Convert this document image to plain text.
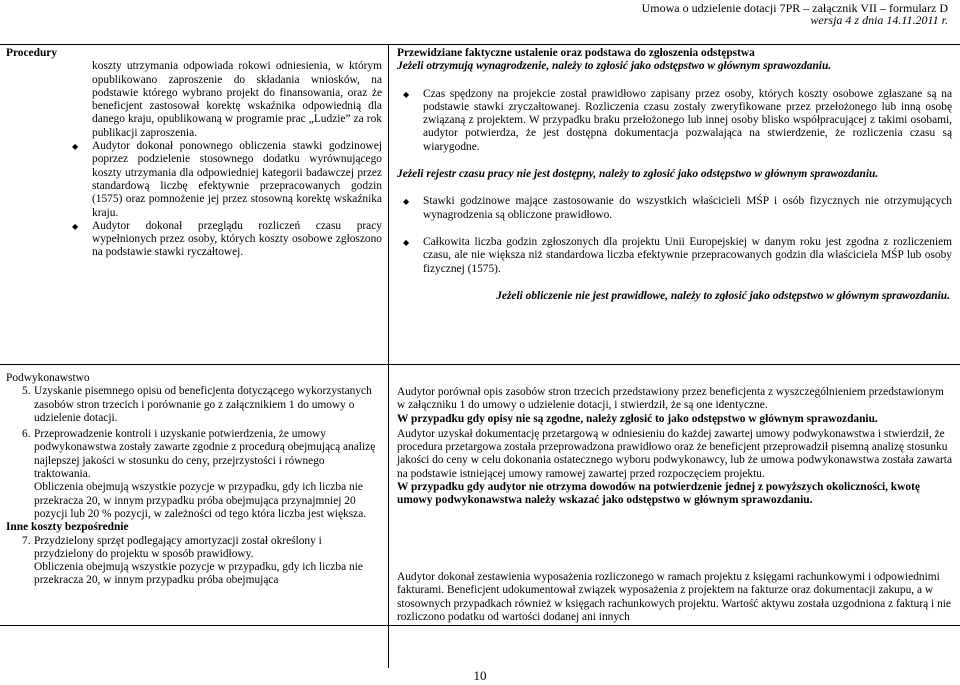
Umowa o udzielenie dotacji 7PR – załącznik VII – formularz D
wersja 4 z dnia 14.11.2011 r.
Procedury

koszty utrzymania odpowiada rokowi odniesienia, w którym opublikowano zaproszenie do składania wniosków, na podstawie którego wybrano projekt do finansowania, oraz że beneficjent zastosował korektę wskaźnika odpowiednią dla danego kraju, opublikowaną w programie prac „Ludzie” za rok publikacji zaproszenia.

◆ Audytor dokonał ponownego obliczenia stawki godzinowej poprzez podzielenie stosownego dodatku wyrównującego koszty utrzymania dla odpowiedniej kategorii badawczej przez standardową liczbę efektywnie przepracowanych godzin (1575) oraz pomnożenie jej przez stosowną korektę wskaźnika kraju.
◆ Audytor dokonał przeglądu rozliczeń czasu pracy wypełnionych przez osoby, których koszty osobowe zgłoszono na podstawie stawki ryczałtowej.
Przewidziane faktyczne ustalenie oraz podstawa do zgłoszenia odstępstwa
Jeżeli otrzymują wynagrodzenie, należy to zgłosić jako odstępstwo w głównym sprawozdaniu.
◆ Czas spędzony na projekcie został prawidłowo zapisany przez osoby, których koszty osobowe zgłaszane są na podstawie stawki zryczałtowanej. Rozliczenia czasu zostały zweryfikowane przez przełożonego lub inną osobę związaną z projektem. W przypadku braku przełożonego lub innej osoby blisko współpracującej z takimi osobami, audytor potwierdza, że jest dostępna dokumentacja pozwalająca na stwierdzenie, że rozliczenia czasu są wiarygodne.
Jeżeli rejestr czasu pracy nie jest dostępny, należy to zgłosić jako odstępstwo w głównym sprawozdaniu.
◆ Stawki godzinowe mające zastosowanie do wszystkich właścicieli MŚP i osób fizycznych nie otrzymujących wynagrodzenia są obliczone prawidłowo.
◆ Całkowita liczba godzin zgłoszonych dla projektu Unii Europejskiej w danym roku jest zgodna z rozliczeniem czasu, ale nie większa niż standardowa liczba efektywnie przepracowanych godzin dla właściciela MŚP lub osoby fizycznej (1575).
Jeżeli obliczenie nie jest prawidłowe, należy to zgłosić jako odstępstwo w głównym sprawozdaniu.
Podwykonawstwo
5. Uzyskanie pisemnego opisu od beneficjenta dotyczącego wykorzystanych zasobów stron trzecich i porównanie go z załącznikiem 1 do umowy o udzielenie dotacji.
6. Przeprowadzenie kontroli i uzyskanie potwierdzenia, że umowy podwykonawstwa zostały zawarte zgodnie z procedurą obejmującą analizę najlepszej jakości w stosunku do ceny, przejrzystości i równego traktowania.
Obliczenia obejmują wszystkie pozycje w przypadku, gdy ich liczba nie przekracza 20, w innym przypadku próba obejmująca przynajmniej 20 pozycji lub 20 % pozycji, w zależności od tego która liczba jest większa.
Inne koszty bezpośrednie
7. Przydzielony sprzęt podlegający amortyzacji został określony i przydzielony do projektu w sposób prawidłowy.
Obliczenia obejmują wszystkie pozycje w przypadku, gdy ich liczba nie przekracza 20, w innym przypadku próba obejmująca

Audytor porównał opis zasobów stron trzecich przedstawiony przez beneficjenta z wyszczególnieniem przedstawionym w załączniku 1 do umowy o udzielenie dotacji, i stwierdził, że są one identyczne.

W przypadku gdy opisy nie są zgodne, należy zgłosić to jako odstępstwo w głównym sprawozdaniu.

Audytor uzyskał dokumentację przetargową w odniesieniu do każdej zawartej umowy podwykonawstwa i stwierdził, że procedura przetargowa została przeprowadzona prawidłowo oraz że beneficjent przeprowadził pisemną analizę stosunku jakości do ceny w celu dokonania ostatecznego wyboru podwykonawcy, lub że umowa podwykonawstwa została zawarta na podstawie istniejącej umowy ramowej zawartej przed rozpoczęciem projektu.

W przypadku gdy audytor nie otrzyma dowodów na potwierdzenie jednej z powyższych okoliczności, kwotę umowy podwykonawstwa należy wskazać jako odstępstwo w głównym sprawozdaniu.

Audytor dokonał zestawienia wyposażenia rozliczonego w ramach projektu z księgami rachunkowymi i odpowiednimi fakturami. Beneficjent udokumentował związek wyposażenia z projektem na fakturze oraz dokumentacji zakupu, a w stosownych przypadkach również w księgach rachunkowych projektu. Wartość aktywu została uzgodniona z fakturą i nie rozliczono podatku od wartości dodanej ani innych

10
